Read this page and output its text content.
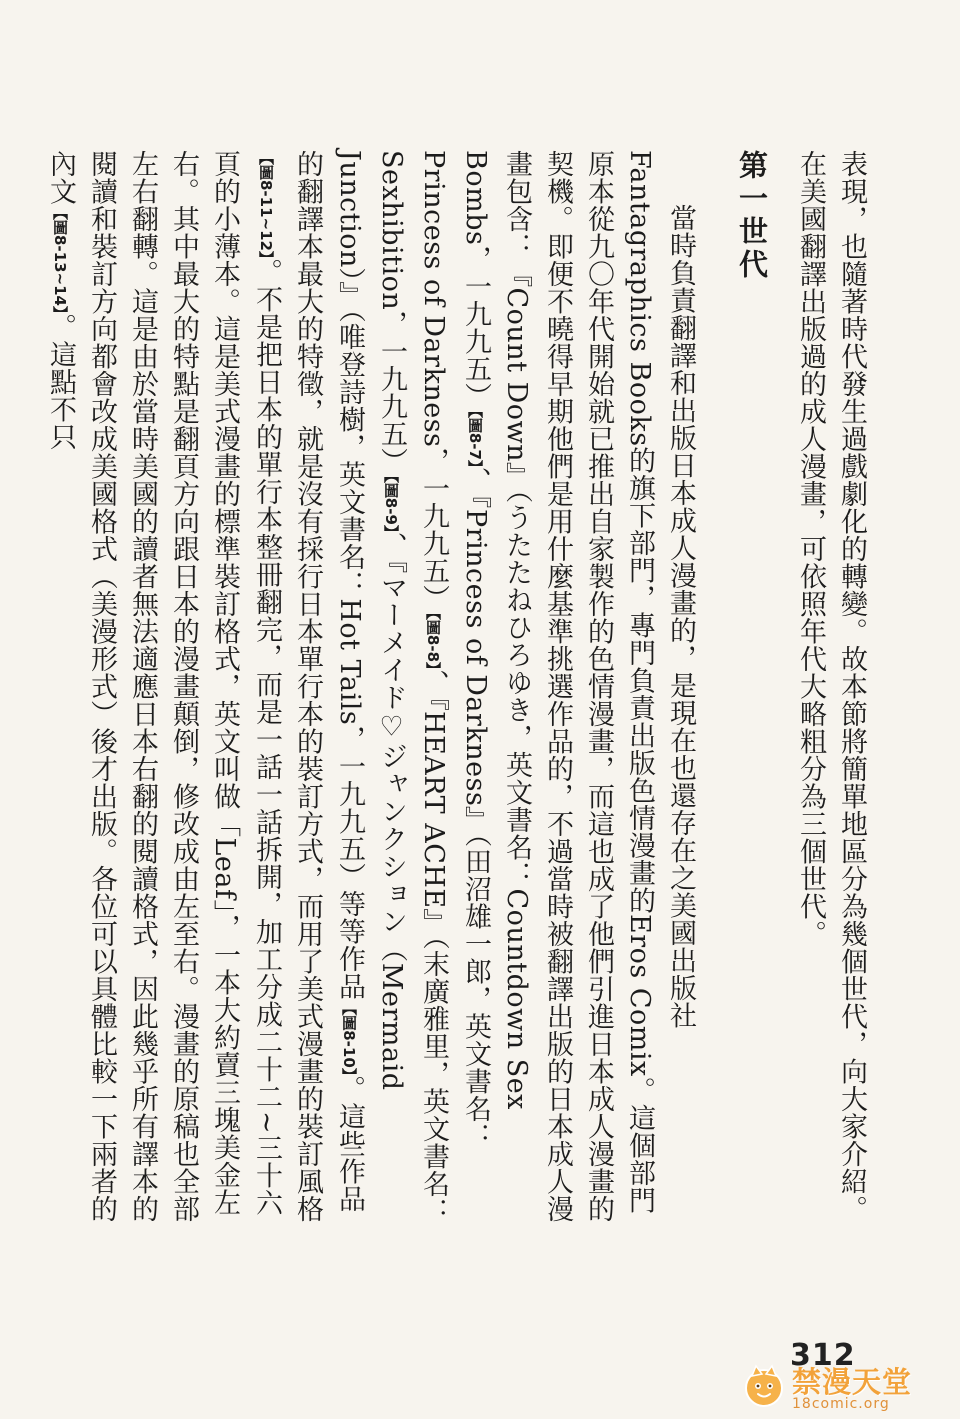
表現，也隨著時代發生過戲劇化的轉變。故本節將簡單地區分為幾個世代，向大家介紹。在美國翻譯出版過的成人漫畫，可依照年代大略粗分為三個世代。

第一世代

當時負責翻譯和出版日本成人漫畫的，是現在也還存在之美國出版社Fantagraphics Books的旗下部門，專門負責出版色情漫畫的Eros Comix。這個部門原本從九〇年代開始就已推出自家製作的色情漫畫，而這也成了他們引進日本成人漫畫的契機。即便不曉得早期他們是用什麼基準挑選作品的，不過當時被翻譯出版的日本成人漫畫包含：『Count Down』（うたたねひろゆき，英文書名：Countdown Sex Bombs，一九九五）【圖8-7】、『Princess of Darkness』（田沼雄一郎，英文書名：Princess of Darkness，一九九五）【圖8-8】、『HEART ACHE』（末廣雅里，英文書名：Sexhibition，一九九五）【圖8-9】、『マーメイド♡ジャンクション（Mermaid Junction）』（唯登詩樹，英文書名：Hot Tails，一九九五）等等作品【圖8-10】。這些作品的翻譯本最大的特徵，就是沒有採行日本單行本的裝訂方式，而用了美式漫畫的裝訂風格【圖8-11~12】。不是把日本的單行本整冊翻完，而是一話一話拆開，加工分成二十二~三十六頁的小薄本。這是美式漫畫的標準裝訂格式，英文叫做「Leaf」，一本大約賣三塊美金左右。其中最大的特點是翻頁方向跟日本的漫畫顛倒，修改成由左至右。漫畫的原稿也全部左右翻轉。這是由於當時美國的讀者無法適應日本右翻的閱讀格式，因此幾乎所有譯本的閱讀和裝訂方向都會改成美國格式（美漫形式）後才出版。各位可以具體比較一下兩者的內文【圖8-13~14】。這點不只

312
禁漫天堂
18comic.org
